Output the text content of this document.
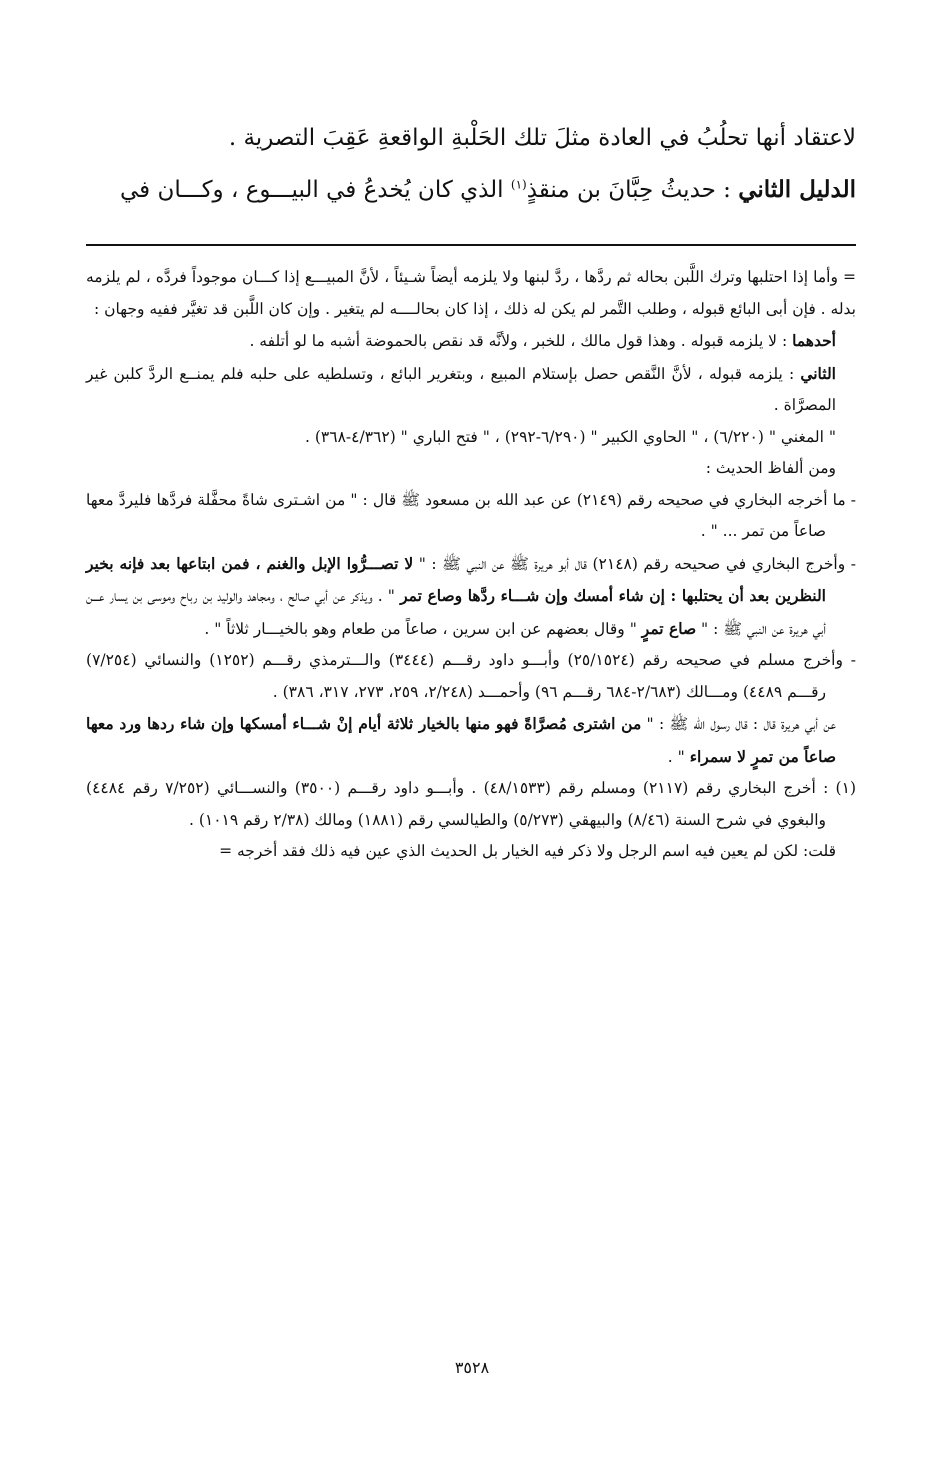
لاعتقاد أنها تحلُبُ في العادة مثلَ تلك الحَلْبةِ الواقعةِ عَقِبَ التصرية .

الدليل الثاني : حديثُ حِبَّانَ بن منقذٍ$^{(١)}$ الذي كان يُخدعُ في البيـــوع ، وكـــان في

= وأما إذا احتلبها وترك اللَّبن بحاله ثم ردَّها ، ردَّ لبنها ولا يلزمه أيضاً شـيئاً ، لأنَّ المبيـــع إذا كـــان موجوداً فردَّه ، لم يلزمه بدله . فإن أبى البائع قبوله ، وطلب التَّمر لم يكن له ذلك ، إذا كان بحالــــه لم يتغير . وإن كان اللَّبن قد تغيَّر ففيه وجهان :

أحدهما : لا يلزمه قبوله . وهذا قول مالك ، للخبر ، ولأنَّه قد نقص بالحموضة أشبه ما لو أتلفه .

الثاني : يلزمه قبوله ، لأنَّ النَّقص حصل بإستلام المبيع ، وبتغرير البائع ، وتسلطيه على حلبه فلم يمنــع الردَّ كلبن غير المصرَّاة .

" المغني " (٦/٢٢٠) ، " الحاوي الكبير " (٦/٢٩٠-٢٩٢) ، " فتح الباري " (٤/٣٦٢-٣٦٨) .

ومن ألفاظ الحديث :

- ما أخرجه البخاري في صحيحه رقم (٢١٤٩) عن عبد الله بن مسعود ﷺ قال : " من اشـترى شاةً محفَّلة فردَّها فليردَّ معها صاعاً من تمر ... " .

- وأخرج البخاري في صحيحه رقم (٢١٤٨) قال أبو هريرة ﷺ عن النبي ﷺ : " لا تصـــرُّوا الإبل والغنم ، فمن ابتاعها بعد فإنه بخير النظرين بعد أن يحتلبها : إن شاء أمسك وإن شـــاء ردَّها وصاع تمر " . ويذكر عن أبي صالح ، ومجاهد والوليد بن رباح وموسى بن يسار عـــن أبي هريرة عن النبي ﷺ : " صاع تمرٍ " وقال بعضهم عن ابن سرين ، صاعاً من طعام وهو بالخيـــار ثلاثاً " .

- وأخرج مسلم في صحيحه رقم (٢٥/١٥٢٤) وأبـــو داود رقـــم (٣٤٤٤) والـــترمذي رقـــم (١٢٥٢) والنسائي (٧/٢٥٤) رقـــم ٤٤٨٩) ومـــالك (٢/٦٨٣-٦٨٤ رقـــم ٩٦) وأحمـــد (٢/٢٤٨، ٢٥٩، ٢٧٣، ٣١٧، ٣٨٦) .

عن أبي هريرة قال : قال رسول الله ﷺ : " من اشترى مُصرَّاةً فهو منها بالخيار ثلاثة أيام إنْ شـــاء أمسكها وإن شاء ردها ورد معها صاعاً من تمرٍ لا سمراء " .

(١) : أخرج البخاري رقم (٢١١٧) ومسلم رقم (٤٨/١٥٣٣) . وأبـــو داود رقـــم (٣٥٠٠) والنســـائي (٧/٢٥٢ رقم ٤٤٨٤) والبغوي في شرح السنة (٨/٤٦) والبيهقي (٥/٢٧٣) والطيالسي رقم (١٨٨١) ومالك (٢/٣٨ رقم ١٠١٩) .

قلت: لكن لم يعين فيه اسم الرجل ولا ذكر فيه الخيار بل الحديث الذي عين فيه ذلك فقد أخرجه =

٣٥٢٨
